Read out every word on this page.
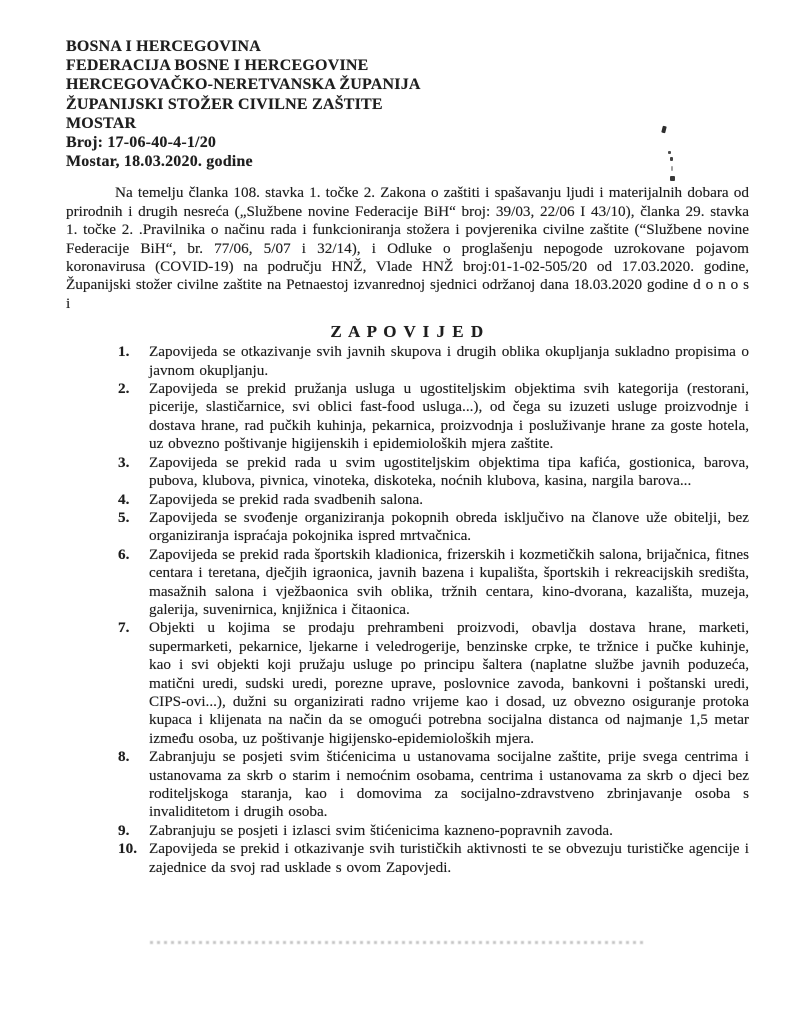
BOSNA I HERCEGOVINA
FEDERACIJA BOSNE I HERCEGOVINE
HERCEGOVAČKO-NERETVANSKA ŽUPANIJA
ŽUPANIJSKI STOŽER CIVILNE ZAŠTITE
MOSTAR
Broj: 17-06-40-4-1/20
Mostar, 18.03.2020. godine

Na temelju članka 108. stavka 1. točke 2. Zakona o zaštiti i spašavanju ljudi i materijalnih dobara od prirodnih i drugih nesreća („Službene novine Federacije BiH“ broj: 39/03, 22/06 I 43/10), članka 29. stavka 1. točke 2. .Pravilnika o načinu rada i funkcioniranja stožera i povjerenika civilne zaštite (“Službene novine Federacije BiH“, br. 77/06, 5/07 i 32/14), i Odluke o proglašenju nepogode uzrokovane pojavom koronavirusa (COVID-19) na području HNŽ, Vlade HNŽ broj:01-1-02-505/20 od 17.03.2020. godine, Županijski stožer civilne zaštite na Petnaestoj izvanrednoj sjednici održanoj dana 18.03.2020 godine d o n o s i

Z A P O V I J E D
1.	Zapovijeda se otkazivanje svih javnih skupova i drugih oblika okupljanja sukladno propisima o javnom okupljanju.
2.	Zapovijeda se prekid pružanja usluga u ugostiteljskim objektima svih kategorija (restorani, picerije, slastičarnice, svi oblici fast-food usluga...), od čega su izuzeti usluge proizvodnje i dostava hrane, rad pučkih kuhinja, pekarnica, proizvodnja i posluživanje hrane za goste hotela, uz obvezno poštivanje higijenskih i epidemioloških mjera zaštite.
3.	Zapovijeda se prekid rada u svim ugostiteljskim objektima tipa kafića, gostionica, barova, pubova, klubova, pivnica, vinoteka, diskoteka, noćnih klubova, kasina, nargila barova...
4.	Zapovijeda se prekid rada svadbenih salona.
5.	Zapovijeda se svođenje organiziranja pokopnih obreda isključivo na članove uže obitelji, bez organiziranja ispraćaja pokojnika ispred mrtvačnica.
6.	Zapovijeda se prekid rada športskih kladionica, frizerskih i kozmetičkih salona, brijačnica, fitnes centara i teretana, dječjih igraonica, javnih bazena i kupališta, športskih i rekreacijskih središta, masažnih salona i vježbaonica svih oblika, tržnih centara, kino-dvorana, kazališta, muzeja, galerija, suvenirnica, knjižnica i čitaonica.
7.	Objekti u kojima se prodaju prehrambeni proizvodi, obavlja dostava hrane, marketi, supermarketi, pekarnice, ljekarne i veledrogerije, benzinske crpke, te tržnice i pučke kuhinje, kao i svi objekti koji pružaju usluge po principu šaltera (naplatne službe javnih poduzeća, matični uredi, sudski uredi, porezne uprave, poslovnice zavoda, bankovni i poštanski uredi, CIPS-ovi...), dužni su organizirati radno vrijeme kao i dosad, uz obvezno osiguranje protoka kupaca i klijenata na način da se omogući potrebna socijalna distanca od najmanje 1,5 metar između osoba, uz poštivanje higijensko-epidemioloških mjera.
8.	Zabranjuju se posjeti svim štićenicima u ustanovama socijalne zaštite, prije svega centrima i ustanovama za skrb o starim i nemoćnim osobama, centrima i ustanovama za skrb o djeci bez roditeljskoga staranja, kao i domovima za socijalno-zdravstveno zbrinjavanje osoba s invaliditetom i drugih osoba.
9.	Zabranjuju se posjeti i izlasci svim štićenicima kazneno-popravnih zavoda.
10. Zapovijeda se prekid i otkazivanje svih turističkih aktivnosti te se obvezuju turističke agencije i zajednice da svoj rad usklade s ovom Zapovjedi.
